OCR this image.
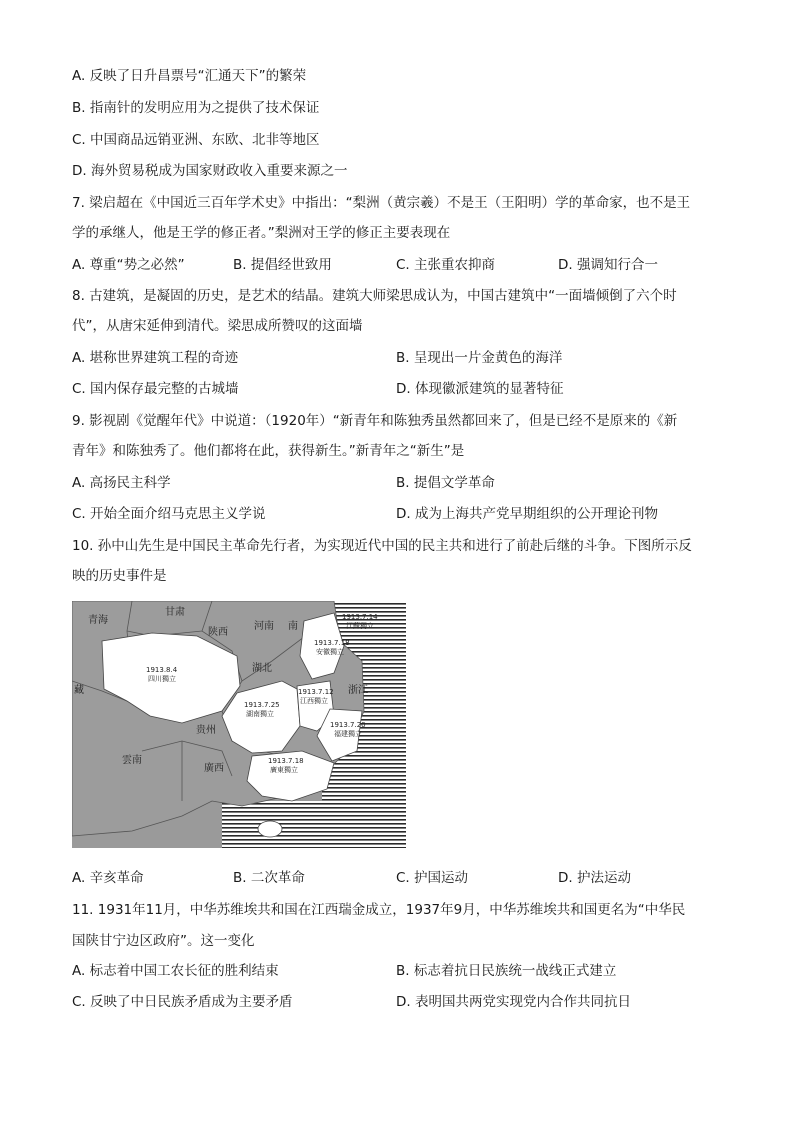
A. 反映了日升昌票号“汇通天下”的繁荣
B. 指南针的发明应用为之提供了技术保证
C. 中国商品远销亚洲、东欧、北非等地区
D. 海外贸易税成为国家财政收入重要来源之一
7. 梁启超在《中国近三百年学术史》中指出：“梨洲（黄宗羲）不是王（王阳明）学的革命家，也不是王
学的承继人，他是王学的修正者。”梨洲对王学的修正主要表现在
A. 尊重“势之必然”	B. 提倡经世致用	C. 主张重农抑商	D. 强调知行合一
8. 古建筑，是凝固的历史，是艺术的结晶。建筑大师梁思成认为，中国古建筑中“一面墙倾倒了六个时
代”，从唐宋延伸到清代。梁思成所赞叹的这面墙
A. 堪称世界建筑工程的奇迹	B. 呈现出一片金黄色的海洋
C. 国内保存最完整的古城墙	D. 体现徽派建筑的显著特征
9. 影视剧《觉醒年代》中说道：（1920年）“新青年和陈独秀虽然都回来了，但是已经不是原来的《新
青年》和陈独秀了。他们都将在此，获得新生。”新青年之“新生”是
A. 高扬民主科学	B. 提倡文学革命
C. 开始全面介绍马克思主义学说	D. 成为上海共产党早期组织的公开理论刊物
10. 孙中山先生是中国民主革命先行者，为实现近代中国的民主共和进行了前赴后继的斗争。下图所示反
映的历史事件是
青海
甘肃
陕西
河南 南
湖北
浙江
藏
贵州
雲南
廣西
1913.7.14
江蘇獨立
1913.7.18
安徽獨立
1913.8.4
四川獨立
1913.7.12
江西獨立
1913.7.25
湖南獨立
1913.7.20
福建獨立
1913.7.18
廣東獨立
A. 辛亥革命	B. 二次革命	C. 护国运动	D. 护法运动
11. 1931年11月，中华苏维埃共和国在江西瑞金成立，1937年9月，中华苏维埃共和国更名为“中华民
国陕甘宁边区政府”。这一变化
A. 标志着中国工农长征的胜利结束	B. 标志着抗日民族统一战线正式建立
C. 反映了中日民族矛盾成为主要矛盾	D. 表明国共两党实现党内合作共同抗日
